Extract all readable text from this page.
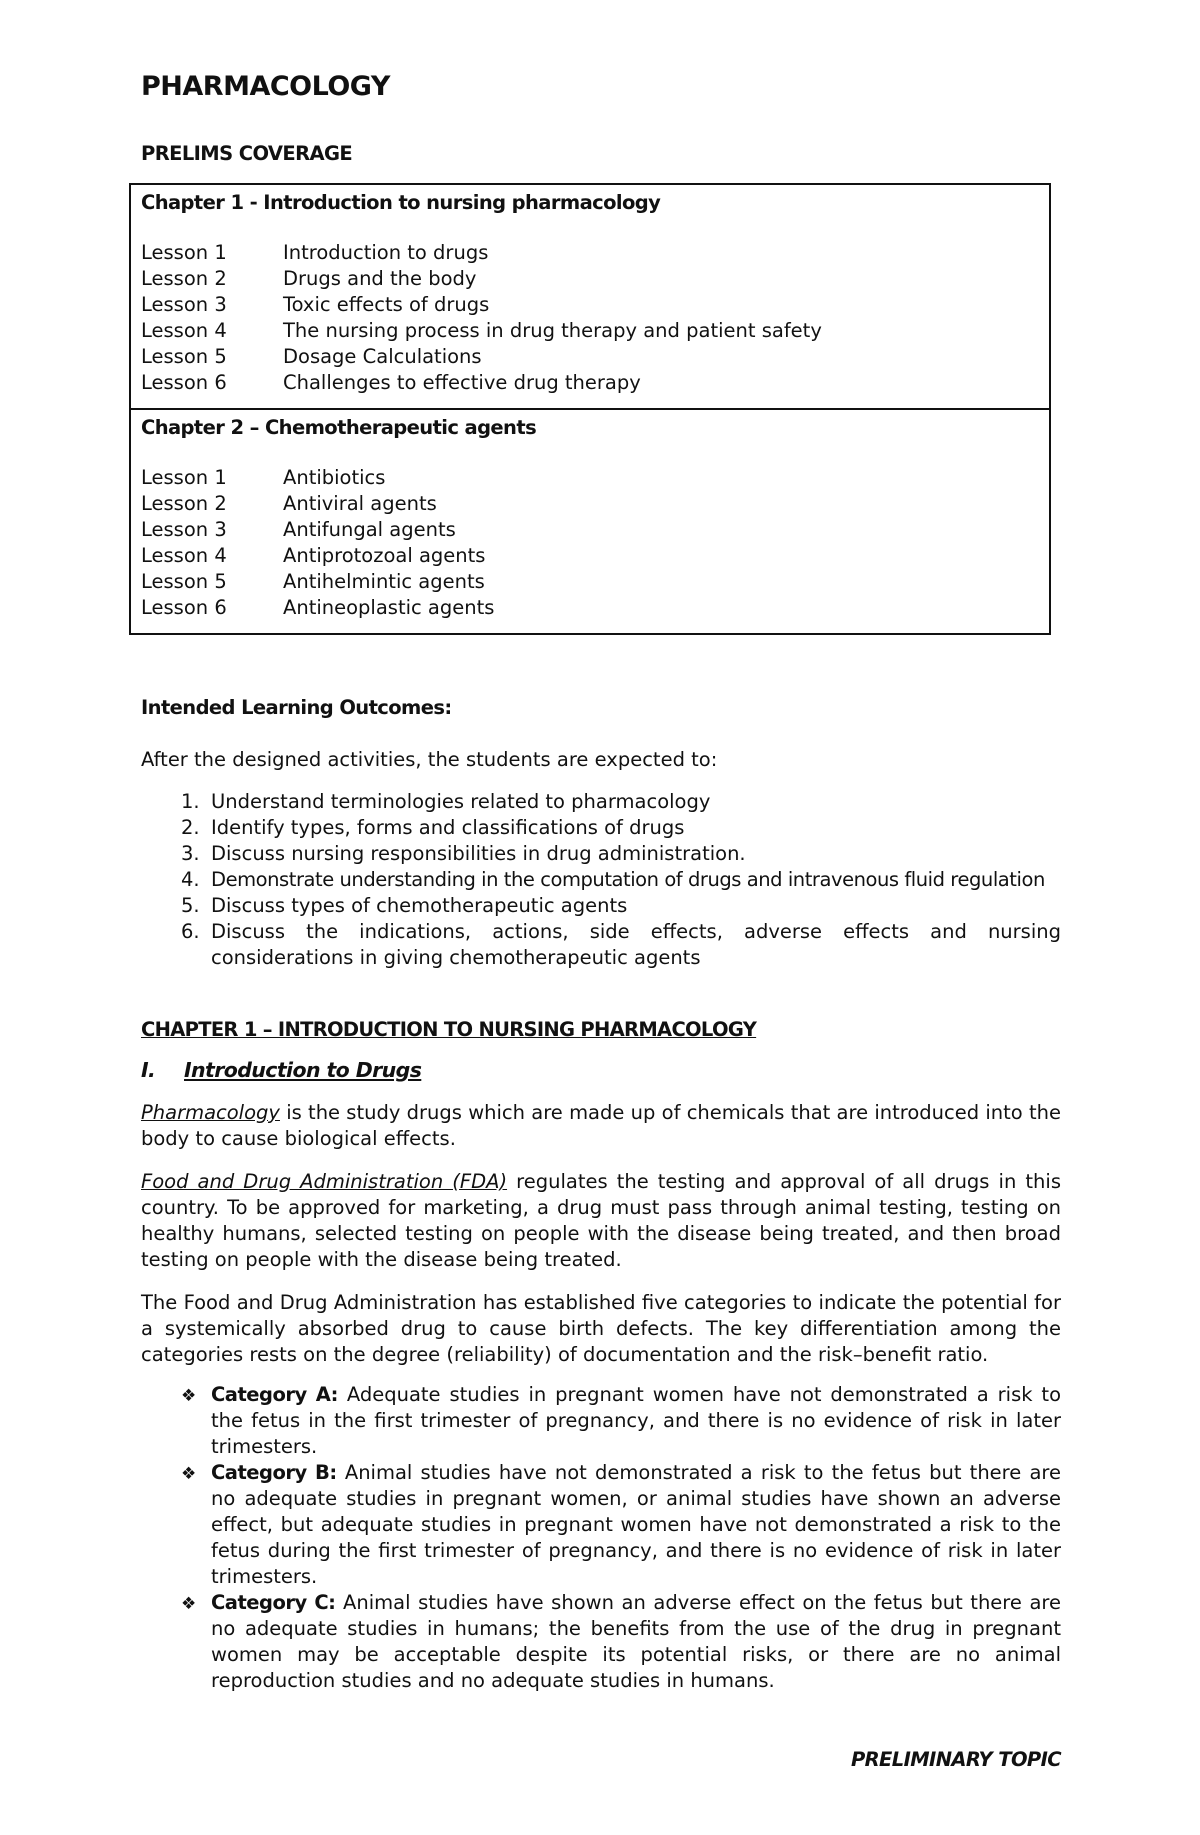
PHARMACOLOGY
PRELIMS COVERAGE
Chapter 1 - Introduction to nursing pharmacology
Lesson 1	Introduction to drugs
Lesson 2	Drugs and the body
Lesson 3	Toxic effects of drugs
Lesson 4	The nursing process in drug therapy and patient safety
Lesson 5	Dosage Calculations
Lesson 6	Challenges to effective drug therapy
Chapter 2 – Chemotherapeutic agents
Lesson 1	Antibiotics
Lesson 2	Antiviral agents
Lesson 3	Antifungal agents
Lesson 4	Antiprotozoal agents
Lesson 5	Antihelmintic agents
Lesson 6	Antineoplastic agents
Intended Learning Outcomes:
After the designed activities, the students are expected to:
1. Understand terminologies related to pharmacology
2. Identify types, forms and classifications of drugs
3. Discuss nursing responsibilities in drug administration.
4. Demonstrate understanding in the computation of drugs and intravenous fluid regulation
5. Discuss types of chemotherapeutic agents
6. Discuss the indications, actions, side effects, adverse effects and nursing considerations in giving chemotherapeutic agents
CHAPTER 1 – INTRODUCTION TO NURSING PHARMACOLOGY
I. Introduction to Drugs
Pharmacology is the study drugs which are made up of chemicals that are introduced into the body to cause biological effects.
Food and Drug Administration (FDA) regulates the testing and approval of all drugs in this country. To be approved for marketing, a drug must pass through animal testing, testing on healthy humans, selected testing on people with the disease being treated, and then broad testing on people with the disease being treated.
The Food and Drug Administration has established five categories to indicate the potential for a systemically absorbed drug to cause birth defects. The key differentiation among the categories rests on the degree (reliability) of documentation and the risk–benefit ratio.
❖ Category A: Adequate studies in pregnant women have not demonstrated a risk to the fetus in the first trimester of pregnancy, and there is no evidence of risk in later trimesters.
❖ Category B: Animal studies have not demonstrated a risk to the fetus but there are no adequate studies in pregnant women, or animal studies have shown an adverse effect, but adequate studies in pregnant women have not demonstrated a risk to the fetus during the first trimester of pregnancy, and there is no evidence of risk in later trimesters.
❖ Category C: Animal studies have shown an adverse effect on the fetus but there are no adequate studies in humans; the benefits from the use of the drug in pregnant women may be acceptable despite its potential risks, or there are no animal reproduction studies and no adequate studies in humans.
PRELIMINARY TOPIC
